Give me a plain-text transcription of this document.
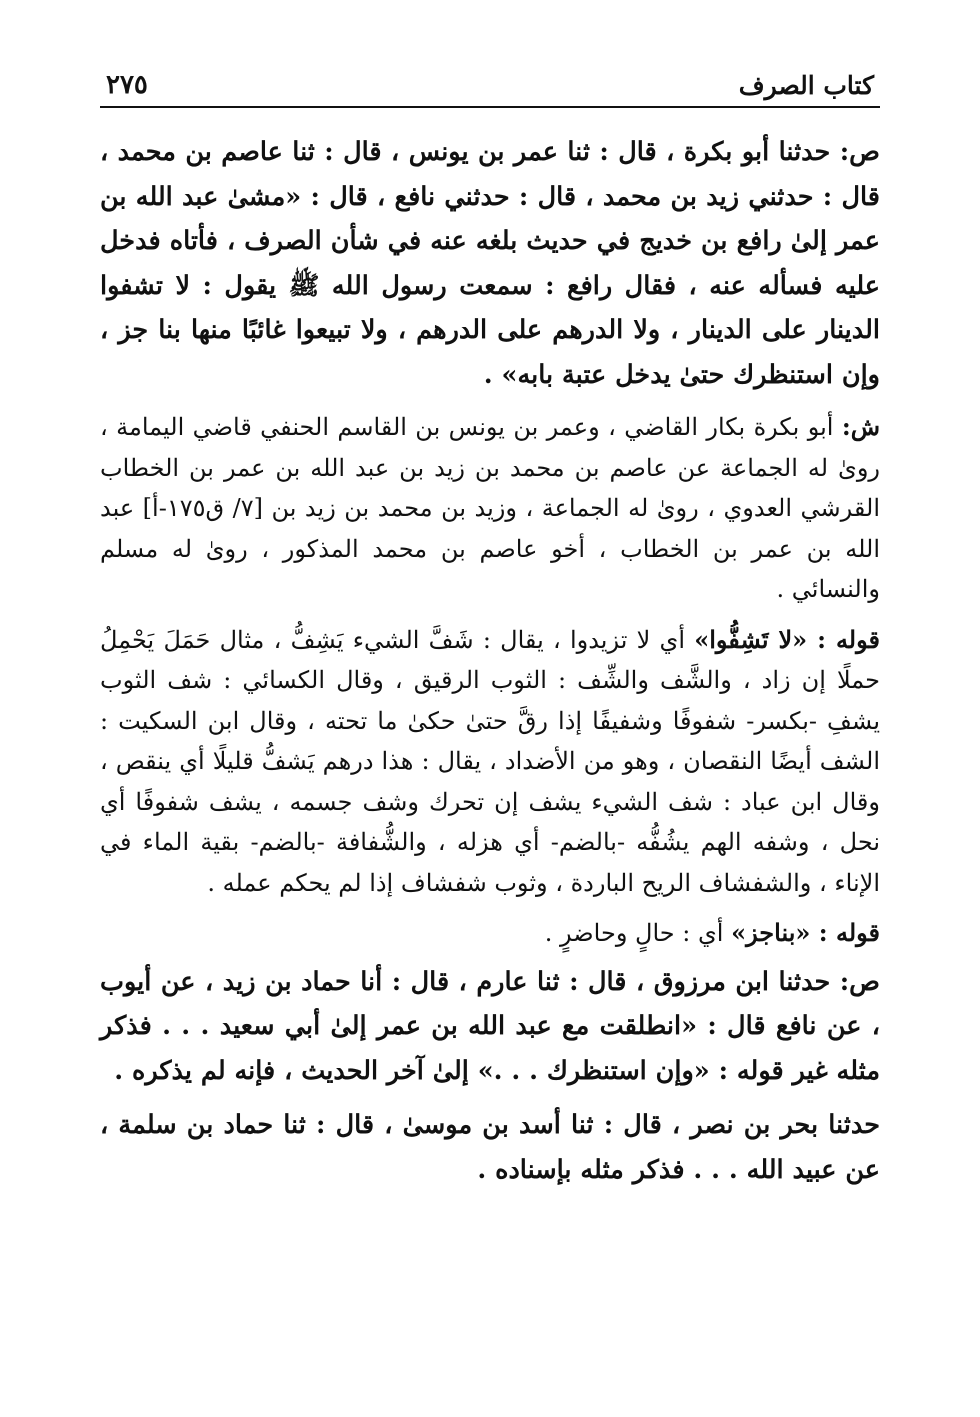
كتاب الصرف
٢٧٥

ص: حدثنا أبو بكرة ، قال : ثنا عمر بن يونس ، قال : ثنا عاصم بن محمد ، قال : حدثني زيد بن محمد ، قال : حدثني نافع ، قال : «مشىٰ عبد الله بن عمر إلىٰ رافع بن خديج في حديث بلغه عنه في شأن الصرف ، فأتاه فدخل عليه فسأله عنه ، فقال رافع : سمعت رسول الله ﷺ يقول : لا تشفوا الدينار على الدينار ، ولا الدرهم على الدرهم ، ولا تبيعوا غائبًا منها بنا جز ، وإن استنظرك حتىٰ يدخل عتبة بابه» .

ش: أبو بكرة بكار القاضي ، وعمر بن يونس بن القاسم الحنفي قاضي اليمامة ، روىٰ له الجماعة عن عاصم بن محمد بن زيد بن عبد الله بن عمر بن الخطاب القرشي العدوي ، روىٰ له الجماعة ، وزيد بن محمد بن زيد بن [٧/ ق١٧٥-أ] عبد الله بن عمر بن الخطاب ، أخو عاصم بن محمد المذكور ، روىٰ له مسلم والنسائي .

قوله : «لا تَشِفُّوا» أي لا تزيدوا ، يقال : شَفَّ الشيء يَشِفُّ ، مثال حَمَلَ يَحْمِلُ حملًا إن زاد ، والشَّف والشِّف : الثوب الرقيق ، وقال الكسائي : شف الثوب يشفِ -بكسر- شفوفًا وشفيفًا إذا رقَّ حتىٰ حكىٰ ما تحته ، وقال ابن السكيت : الشف أيضًا النقصان ، وهو من الأضداد ، يقال : هذا درهم يَشفُّ قليلًا أي ينقص ، وقال ابن عباد : شف الشيء يشف إن تحرك وشف جسمه ، يشف شفوفًا أي نحل ، وشفه الهم يشُفُّه -بالضم- أي هزله ، والشُّفافة -بالضم- بقية الماء في الإناء ، والشفشاف الريح الباردة ، وثوب شفشاف إذا لم يحكم عمله .

قوله : «بناجز» أي : حالٍ وحاضرٍ .

ص: حدثنا ابن مرزوق ، قال : ثنا عارم ، قال : أنا حماد بن زيد ، عن أيوب ، عن نافع قال : «انطلقت مع عبد الله بن عمر إلىٰ أبي سعيد . . . فذكر مثله غير قوله : «وإن استنظرك . . .» إلىٰ آخر الحديث ، فإنه لم يذكره .

حدثنا بحر بن نصر ، قال : ثنا أسد بن موسىٰ ، قال : ثنا حماد بن سلمة ، عن عبيد الله . . . فذكر مثله بإسناده .
